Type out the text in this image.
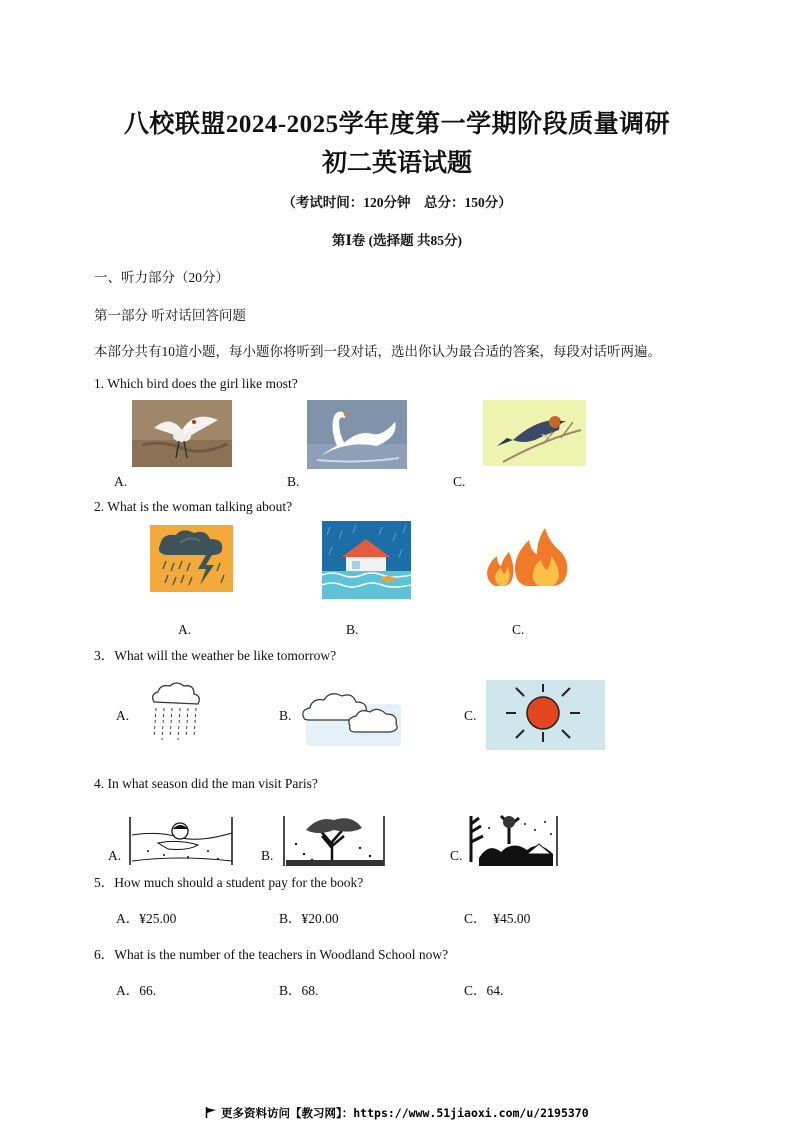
八校联盟2024-2025学年度第一学期阶段质量调研
初二英语试题
（考试时间：120分钟　总分：150分）
第Ⅰ卷 (选择题 共85分)
一、听力部分（20分）
第一部分 听对话回答问题
本部分共有10道小题，每小题你将听到一段对话，选出你认为最合适的答案，每段对话听两遍。
1. Which bird does the girl like most?
A.	B.	C.
2. What is the woman talking about?
A.	B.	C.
3．What will the weather be like tomorrow?
A.	B.	C.
4. In what season did the man visit Paris?
A.	B.	C.
5．How much should a student pay for the book?
A．¥25.00	B．¥20.00	C．　¥45.00
6．What is the number of the teachers in Woodland School now?
A．66.	B．68.	C．64.
更多资料访问【教习网】：https://www.51jiaoxi.com/u/2195370
